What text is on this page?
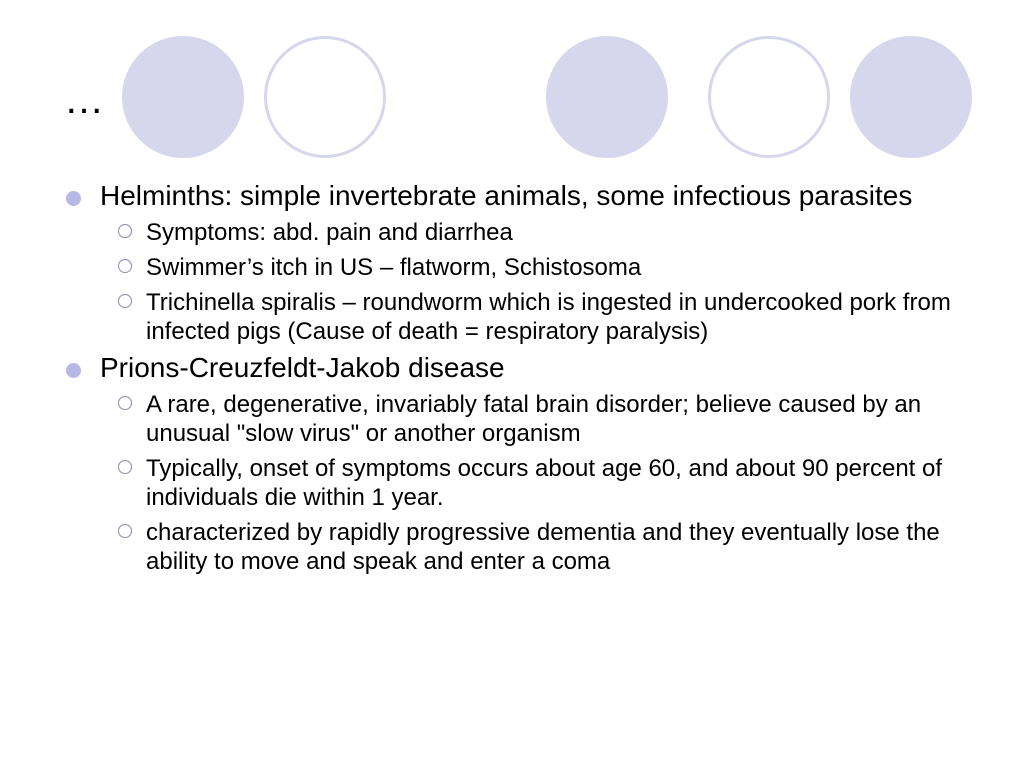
…
Helminths: simple invertebrate animals, some infectious parasites
Symptoms: abd. pain and diarrhea
Swimmer’s itch in US – flatworm, Schistosoma
Trichinella spiralis – roundworm which is ingested in undercooked pork from infected pigs (Cause of death = respiratory paralysis)
Prions-Creuzfeldt-Jakob disease
A rare, degenerative, invariably fatal brain disorder; believe caused by an unusual "slow virus" or another organism
Typically, onset of symptoms occurs about age 60, and about 90 percent of individuals die within 1 year.
characterized by rapidly progressive dementia and they eventually lose the ability to move and speak and enter a coma
